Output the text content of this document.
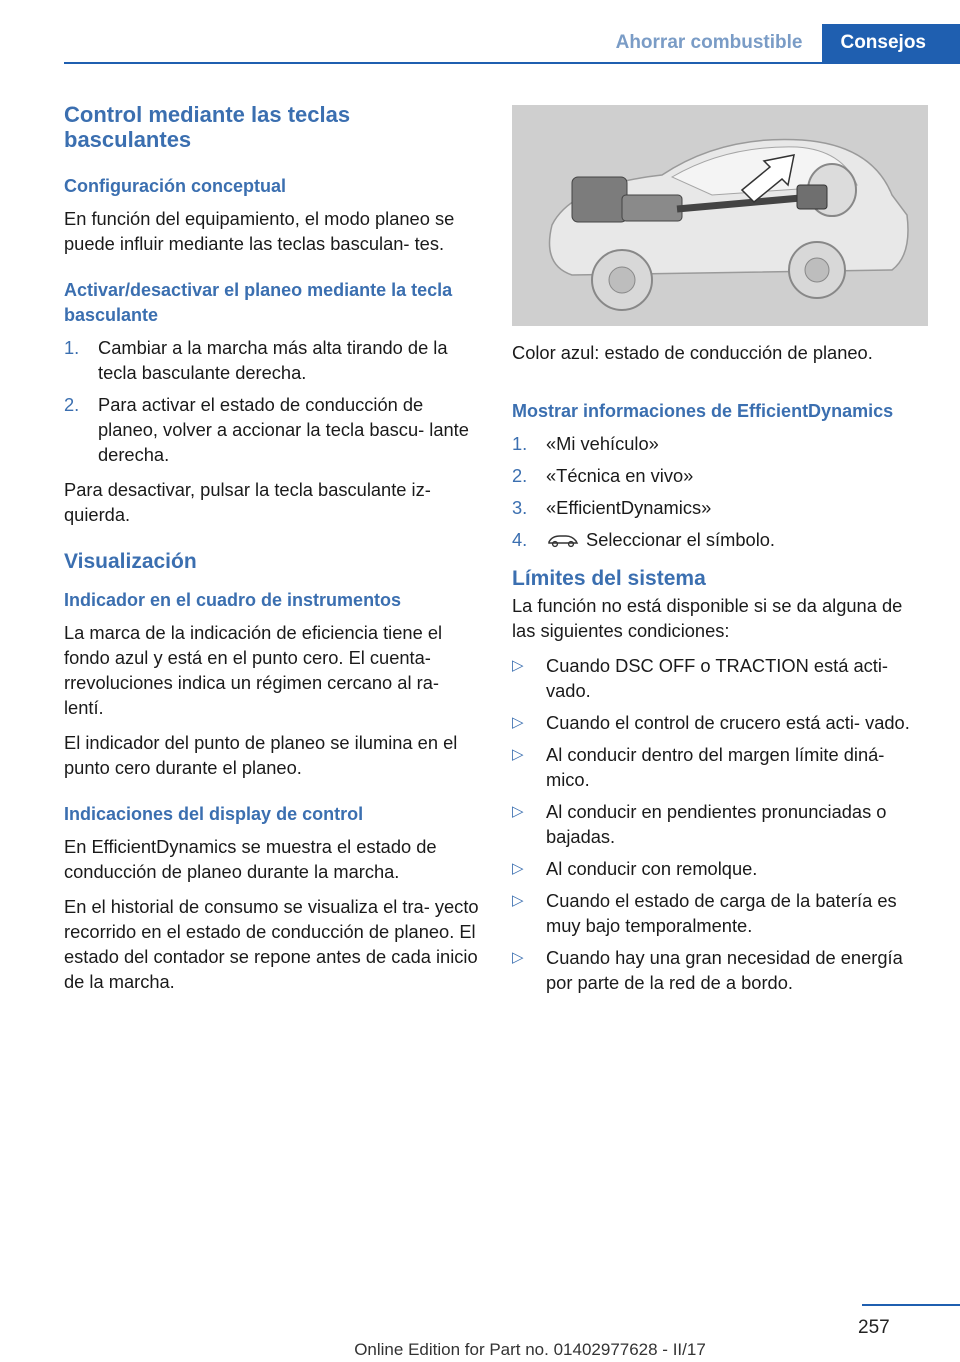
Ahorrar combustible	Consejos
Control mediante las teclas basculantes
Configuración conceptual

En función del equipamiento, el modo planeo se puede influir mediante las teclas basculan‐ tes.

Activar/desactivar el planeo mediante la tecla basculante
1. Cambiar a la marcha más alta tirando de la tecla basculante derecha.
2. Para activar el estado de conducción de planeo, volver a accionar la tecla bascu‐ lante derecha.

Para desactivar, pulsar la tecla basculante iz‐ quierda.

Visualización
Indicador en el cuadro de instrumentos

La marca de la indicación de eficiencia tiene el fondo azul y está en el punto cero. El cuenta‐ rrevoluciones indica un régimen cercano al ra‐ lentí.

El indicador del punto de planeo se ilumina en el punto cero durante el planeo.

Indicaciones del display de control

En EfficientDynamics se muestra el estado de conducción de planeo durante la marcha.

En el historial de consumo se visualiza el tra‐ yecto recorrido en el estado de conducción de planeo. El estado del contador se repone antes de cada inicio de la marcha.

Color azul: estado de conducción de planeo.

Mostrar informaciones de EfficientDynamics
1. «Mi vehículo»
2. «Técnica en vivo»
3. «EfficientDynamics»
4.	Seleccionar el símbolo.
Límites del sistema

La función no está disponible si se da alguna de las siguientes condiciones:

▷ Cuando DSC OFF o TRACTION está acti‐ vado.
▷ Cuando el control de crucero está acti‐ vado.
▷ Al conducir dentro del margen límite diná‐ mico.
▷ Al conducir en pendientes pronunciadas o bajadas.
▷ Al conducir con remolque.
▷ Cuando el estado de carga de la batería es muy bajo temporalmente.
▷ Cuando hay una gran necesidad de energía por parte de la red de a bordo.
257
Online Edition for Part no. 01402977628 - II/17
